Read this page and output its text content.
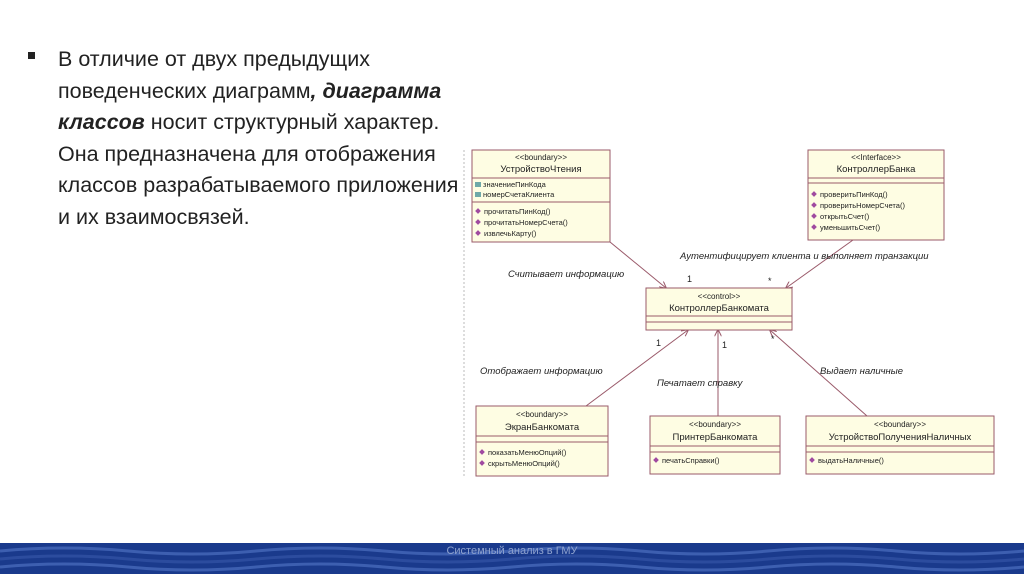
В отличие от двух предыдущих поведенческих диаграмм, диаграмма классов носит структурный характер. Она предназначена для отображения классов разрабатываемого приложения и их взаимосвязей.
Считывает информацию
Аутентифицирует клиента и выполняет транзакции
Отображает информацию
Печатает справку
Выдает наличные
1	*
1	1
*
<<boundary>>
УстройствоЧтения
значениеПинКода
номерСчетаКлиента
прочитатьПинКод()
прочитатьНомерСчета()
извлечьКарту()
<<Interface>>
КонтроллерБанка
проверитьПинКод()
проверитьНомерСчета()
открытьСчет()
уменьшитьСчет()
<<control>>
КонтроллерБанкомата
<<boundary>>
ЭкранБанкомата
показатьМенюОпций()
скрытьМенюОпций()
<<boundary>>
ПринтерБанкомата
печатьСправки()
<<boundary>>
УстройствоПолученияНаличных
выдатьНаличные()
Системный анализ в ГМУ
